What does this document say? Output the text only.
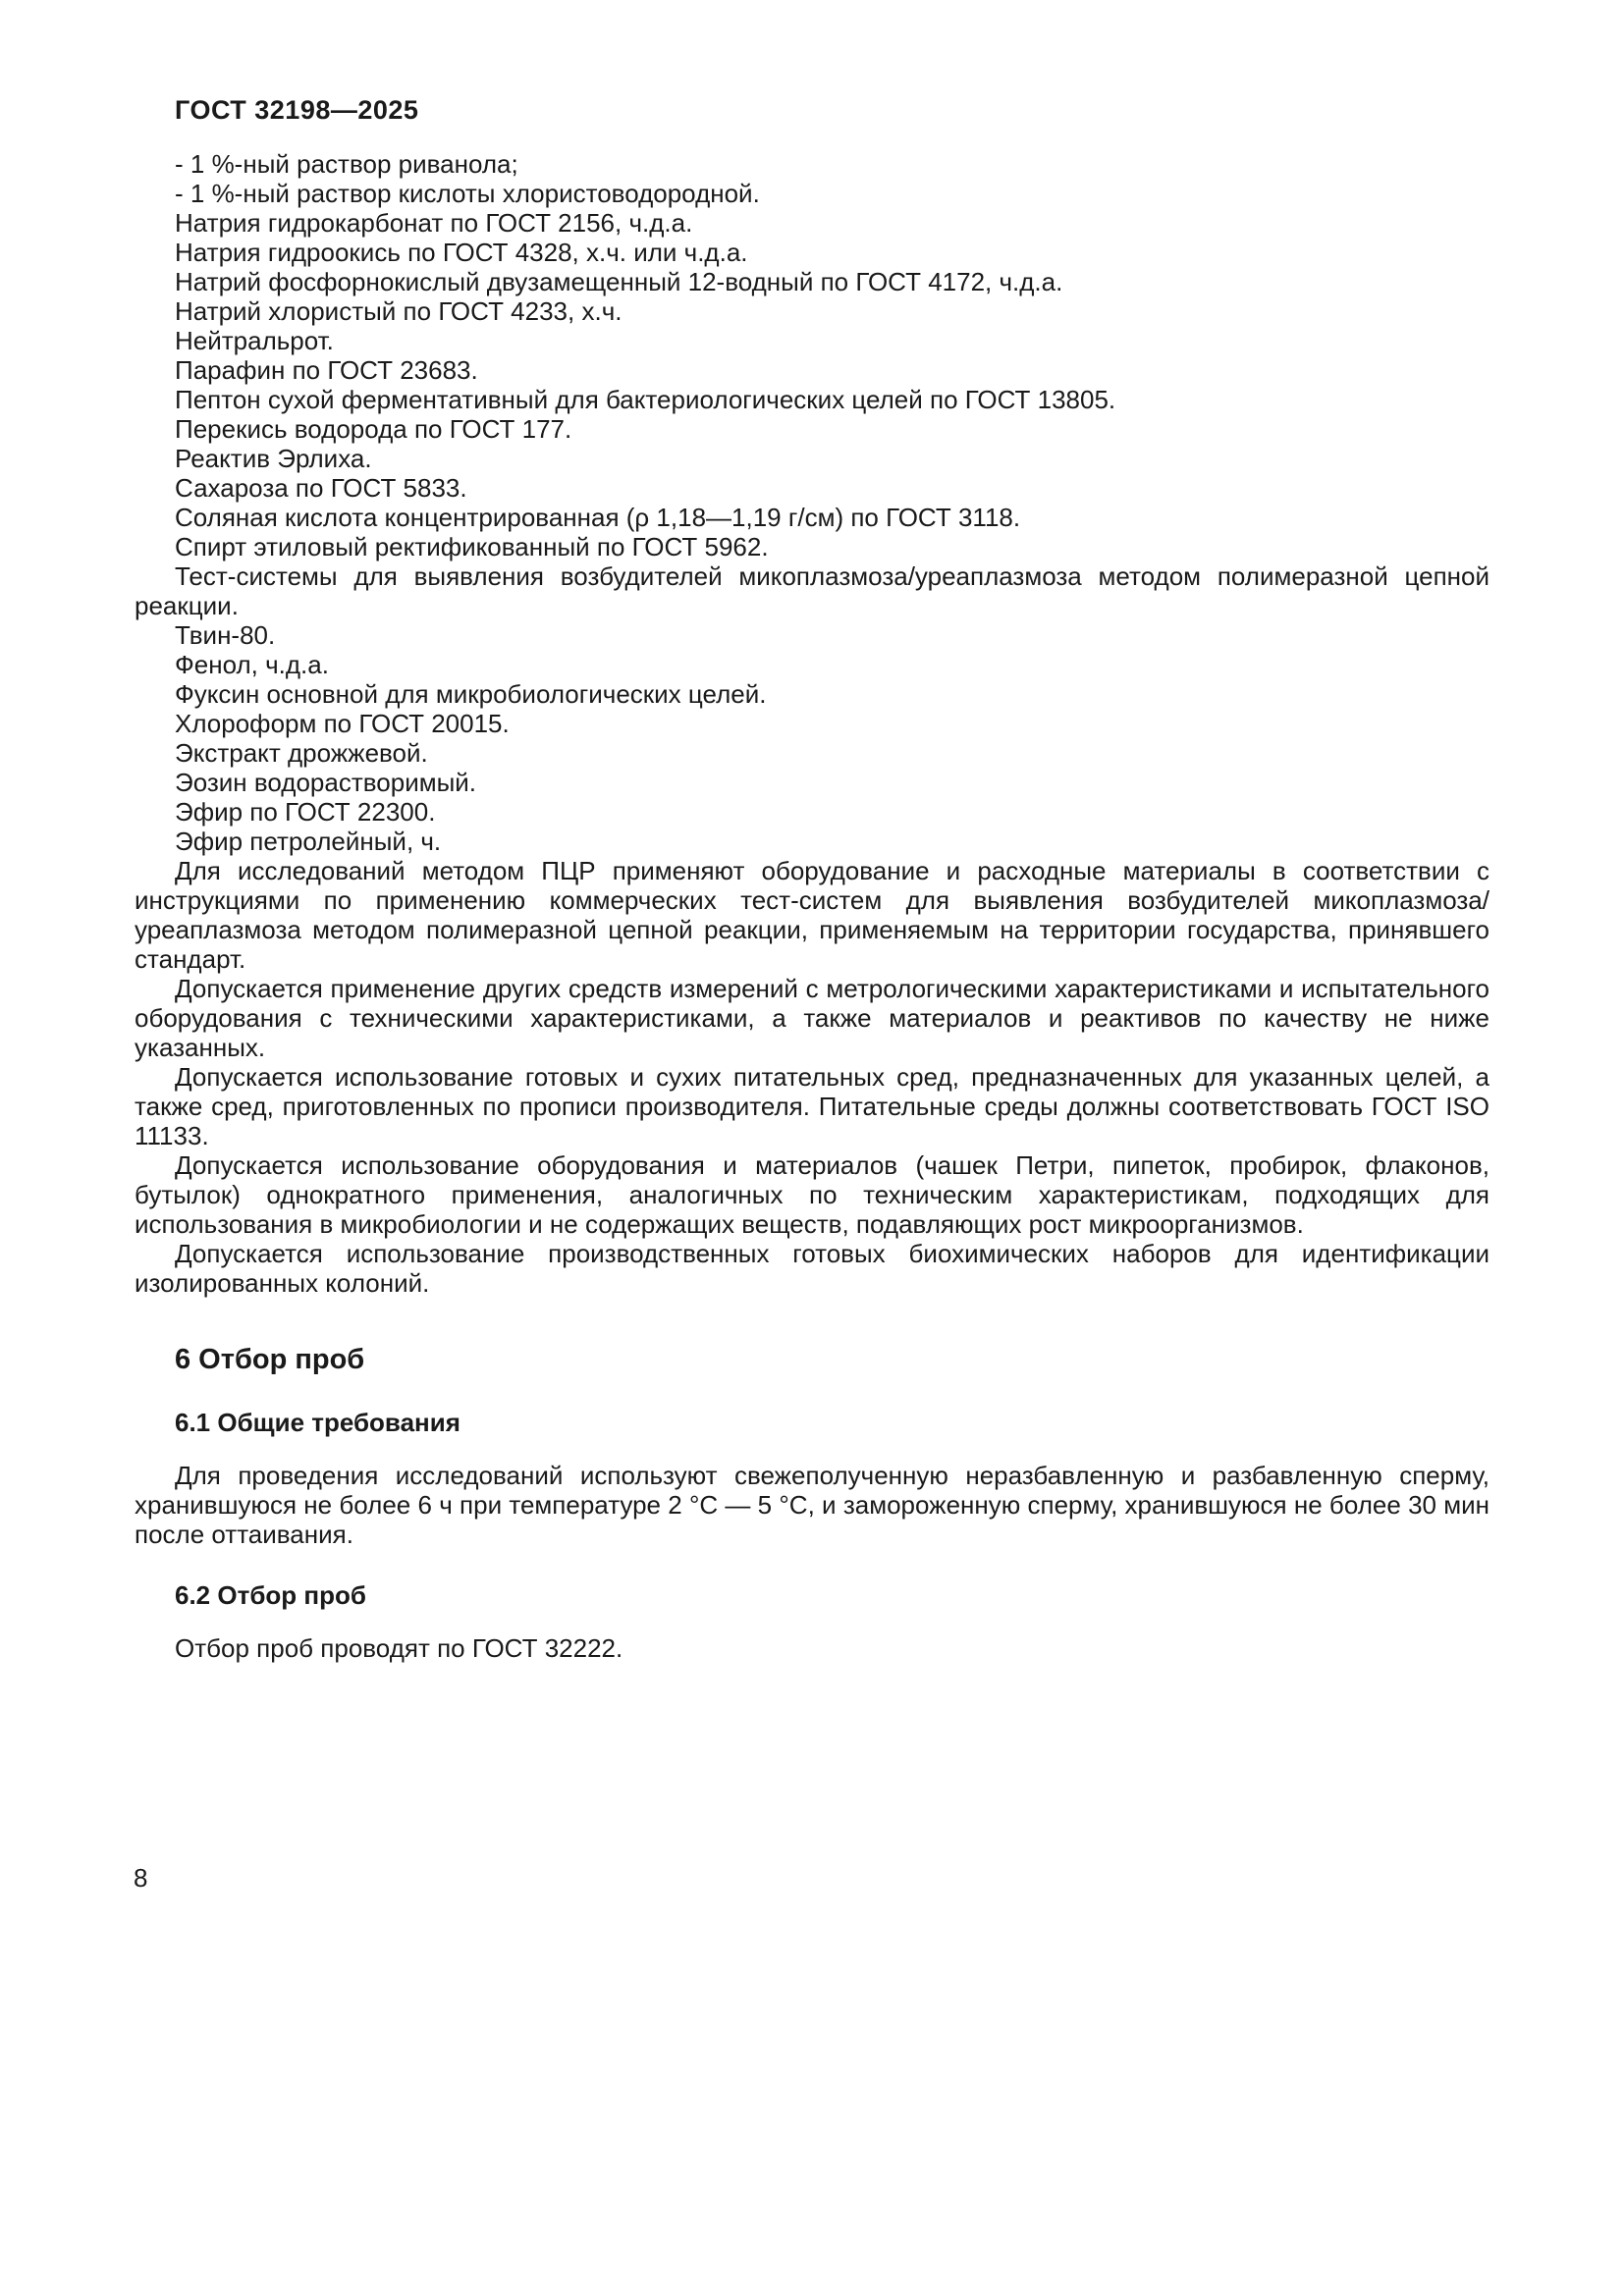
ГОСТ 32198—2025

- 1 %-ный раствор риванола;

- 1 %-ный раствор кислоты хлористоводородной.

Натрия гидрокарбонат по ГОСТ 2156, ч.д.а.

Натрия гидроокись по ГОСТ 4328, х.ч. или ч.д.а.

Натрий фосфорнокислый двузамещенный 12-водный по ГОСТ 4172, ч.д.а.

Натрий хлористый по ГОСТ 4233, х.ч.

Нейтральрот.

Парафин по ГОСТ 23683.

Пептон сухой ферментативный для бактериологических целей по ГОСТ 13805.

Перекись водорода по ГОСТ 177.

Реактив Эрлиха.

Сахароза по ГОСТ 5833.

Соляная кислота концентрированная (ρ 1,18—1,19 г/см) по ГОСТ 3118.

Спирт этиловый ректификованный по ГОСТ 5962.

Тест-системы для выявления возбудителей микоплазмоза/уреаплазмоза методом полимеразной цепной реакции.

Твин-80.

Фенол, ч.д.а.

Фуксин основной для микробиологических целей.

Хлороформ по ГОСТ 20015.

Экстракт дрожжевой.

Эозин водорастворимый.

Эфир по ГОСТ 22300.

Эфир петролейный, ч.

Для исследований методом ПЦР применяют оборудование и расходные материалы в соответствии с инструкциями по применению коммерческих тест-систем для выявления возбудителей микоплазмоза/уреаплазмоза методом полимеразной цепной реакции, применяемым на территории государства, принявшего стандарт.

Допускается применение других средств измерений с метрологическими характеристиками и испытательного оборудования с техническими характеристиками, а также материалов и реактивов по качеству не ниже указанных.

Допускается использование готовых и сухих питательных сред, предназначенных для указанных целей, а также сред, приготовленных по прописи производителя. Питательные среды должны соответствовать ГОСТ ISO 11133.

Допускается использование оборудования и материалов (чашек Петри, пипеток, пробирок, флаконов, бутылок) однократного применения, аналогичных по техническим характеристикам, подходящих для использования в микробиологии и не содержащих веществ, подавляющих рост микроорганизмов.

Допускается использование производственных готовых биохимических наборов для идентификации изолированных колоний.

6 Отбор проб
6.1 Общие требования

Для проведения исследований используют свежеполученную неразбавленную и разбавленную сперму, хранившуюся не более 6 ч при температуре 2 °С — 5 °С, и замороженную сперму, хранившуюся не более 30 мин после оттаивания.

6.2 Отбор проб

Отбор проб проводят по ГОСТ 32222.

8
